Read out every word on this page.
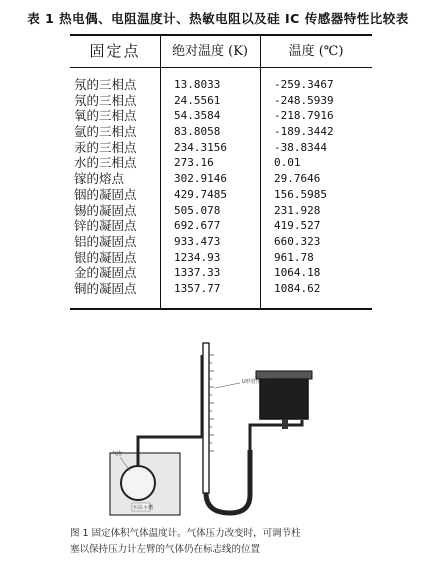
表 1 热电偶、电阻温度计、热敏电阻以及硅 IC 传感器特性比较表
固定点	绝对温度 (K)	温度 (℃)
氖的三相点	13.8033	-259.3467
氖的三相点	24.5561	-248.5939
氧的三相点	54.3584	-218.7916
氩的三相点	83.8058	-189.3442
汞的三相点	234.3156	-38.8344
水的三相点	273.16	0.01
镓的熔点	302.9146	29.7646
铟的凝固点	429.7485	156.5985
锡的凝固点	505.078	231.928
锌的凝固点	692.677	419.527
铝的凝固点	933.473	660.323
银的凝固点	1234.93	961.78
金的凝固点	1337.33	1064.18
铜的凝固点	1357.77	1084.62
U形管压力计
气泡
恒温水槽
图 1 固定体积气体温度计。气体压力改变时，可调节柱
塞以保持压力计左臂的气体仍在标志线的位置
